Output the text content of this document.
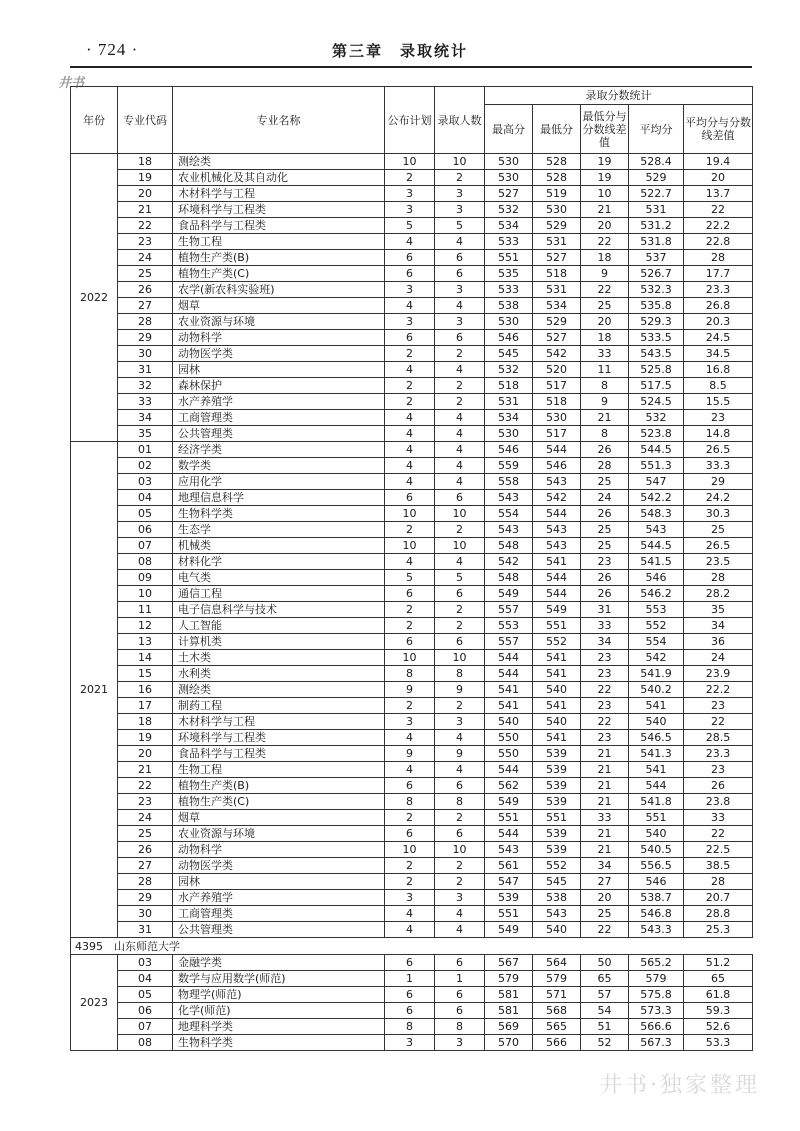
· 724 ·	第三章　录取统计
井书
年份	专业代码	专业名称	公布计划	录取人数	录取分数统计				
					最高分	最低分	最低分与分数线差值	平均分	平均分与分数线差值
2022	18	测绘类	10	10	530	528	19	528.4	19.4
	19	农业机械化及其自动化	2	2	530	528	19	529	20
	20	木材科学与工程	3	3	527	519	10	522.7	13.7
	21	环境科学与工程类	3	3	532	530	21	531	22
	22	食品科学与工程类	5	5	534	529	20	531.2	22.2
	23	生物工程	4	4	533	531	22	531.8	22.8
	24	植物生产类(B)	6	6	551	527	18	537	28
	25	植物生产类(C)	6	6	535	518	9	526.7	17.7
	26	农学(新农科实验班)	3	3	533	531	22	532.3	23.3
	27	烟草	4	4	538	534	25	535.8	26.8
	28	农业资源与环境	3	3	530	529	20	529.3	20.3
	29	动物科学	6	6	546	527	18	533.5	24.5
	30	动物医学类	2	2	545	542	33	543.5	34.5
	31	园林	4	4	532	520	11	525.8	16.8
	32	森林保护	2	2	518	517	8	517.5	8.5
	33	水产养殖学	2	2	531	518	9	524.5	15.5
	34	工商管理类	4	4	534	530	21	532	23
	35	公共管理类	4	4	530	517	8	523.8	14.8
2021	01	经济学类	4	4	546	544	26	544.5	26.5
	02	数学类	4	4	559	546	28	551.3	33.3
	03	应用化学	4	4	558	543	25	547	29
	04	地理信息科学	6	6	543	542	24	542.2	24.2
	05	生物科学类	10	10	554	544	26	548.3	30.3
	06	生态学	2	2	543	543	25	543	25
	07	机械类	10	10	548	543	25	544.5	26.5
	08	材料化学	4	4	542	541	23	541.5	23.5
	09	电气类	5	5	548	544	26	546	28
	10	通信工程	6	6	549	544	26	546.2	28.2
	11	电子信息科学与技术	2	2	557	549	31	553	35
	12	人工智能	2	2	553	551	33	552	34
	13	计算机类	6	6	557	552	34	554	36
	14	土木类	10	10	544	541	23	542	24
	15	水利类	8	8	544	541	23	541.9	23.9
	16	测绘类	9	9	541	540	22	540.2	22.2
	17	制药工程	2	2	541	541	23	541	23
	18	木材科学与工程	3	3	540	540	22	540	22
	19	环境科学与工程类	4	4	550	541	23	546.5	28.5
	20	食品科学与工程类	9	9	550	539	21	541.3	23.3
	21	生物工程	4	4	544	539	21	541	23
	22	植物生产类(B)	6	6	562	539	21	544	26
	23	植物生产类(C)	8	8	549	539	21	541.8	23.8
	24	烟草	2	2	551	551	33	551	33
	25	农业资源与环境	6	6	544	539	21	540	22
	26	动物科学	10	10	543	539	21	540.5	22.5
	27	动物医学类	2	2	561	552	34	556.5	38.5
	28	园林	2	2	547	545	27	546	28
	29	水产养殖学	3	3	539	538	20	538.7	20.7
	30	工商管理类	4	4	551	543	25	546.8	28.8
	31	公共管理类	4	4	549	540	22	543.3	25.3
4395　山东师范大学									
2023	03	金融学类	6	6	567	564	50	565.2	51.2
	04	数学与应用数学(师范)	1	1	579	579	65	579	65
	05	物理学(师范)	6	6	581	571	57	575.8	61.8
	06	化学(师范)	6	6	581	568	54	573.3	59.3
	07	地理科学类	8	8	569	565	51	566.6	52.6
	08	生物科学类	3	3	570	566	52	567.3	53.3
井书·独家整理
